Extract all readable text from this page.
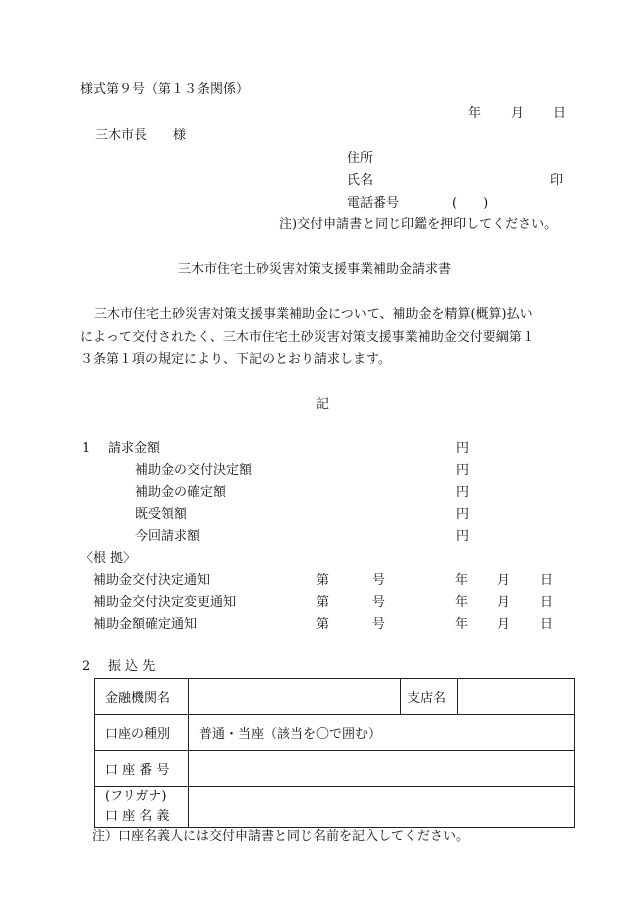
様式第９号（第１３条関係）
年 月 日
三木市長　　様
住所
氏名	印
電話番号	(　　)
注)交付申請書と同じ印鑑を押印してください。
三木市住宅土砂災害対策支援事業補助金請求書
三木市住宅土砂災害対策支援事業補助金について、補助金を精算(概算)払い
によって交付されたく、三木市住宅土砂災害対策支援事業補助金交付要綱第１
３条第１項の規定により、下記のとおり請求します。
記
1 請求金額	円
補助金の交付決定額	円
補助金の確定額	円
既受領額	円
今回請求額	円
〈根 拠〉
補助金交付決定通知	第	号	年 月 日
補助金交付決定変更通知	第	号	年 月 日
補助金額確定通知	第	号	年 月 日
2 振 込 先
金融機関名		支店名	
口座の種別	普通・当座（該当を〇で囲む）		
口 座 番 号			

(フリガナ)
口 座 名 義			

注）口座名義人には交付申請書と同じ名前を記入してください。
